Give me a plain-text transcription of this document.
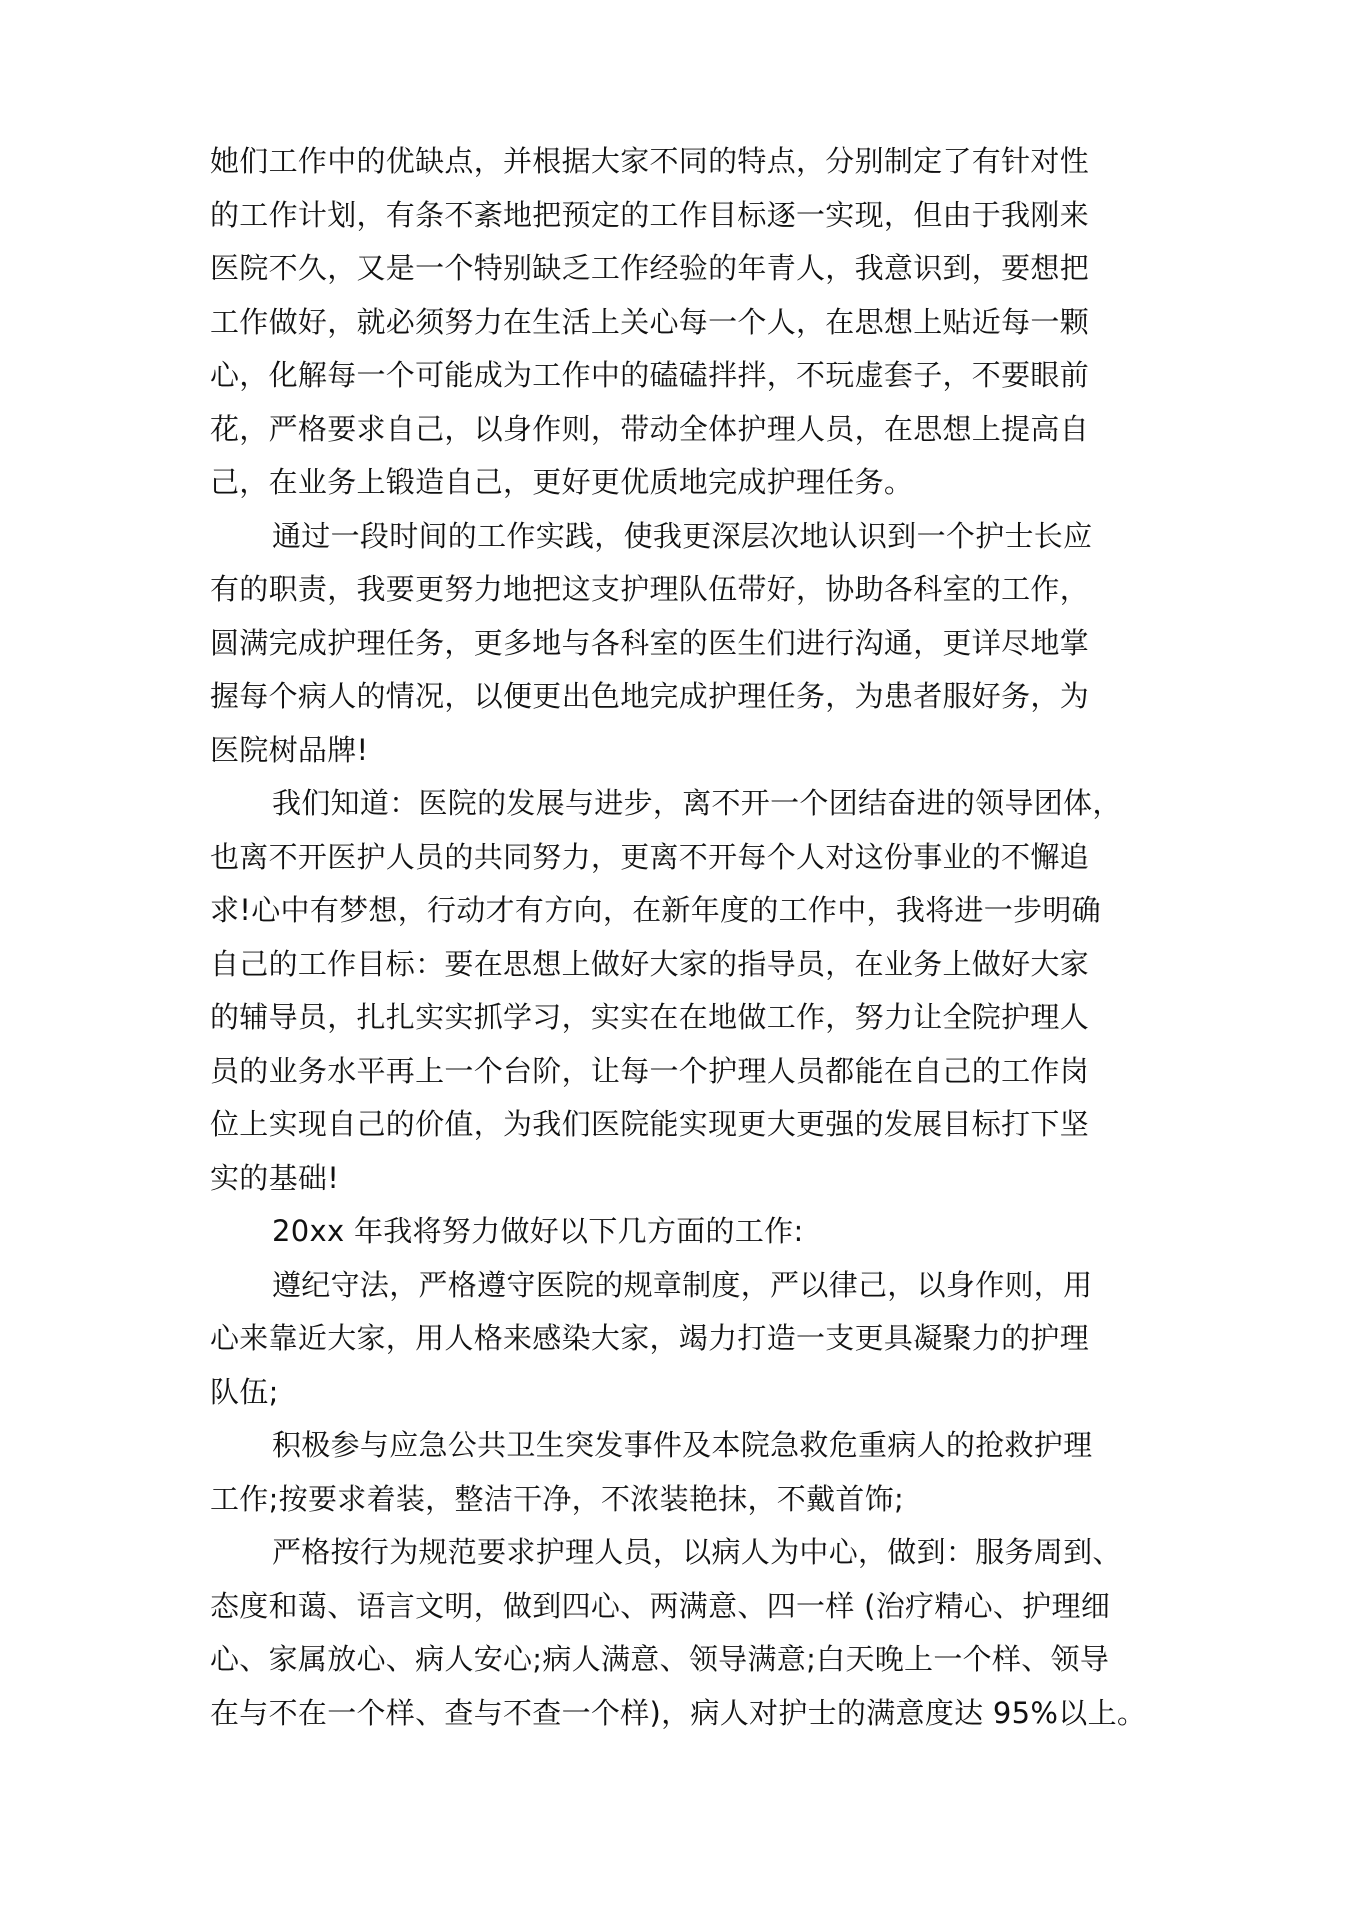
她们工作中的优缺点，并根据大家不同的特点，分别制定了有针对性
的工作计划，有条不紊地把预定的工作目标逐一实现，但由于我刚来
医院不久，又是一个特别缺乏工作经验的年青人，我意识到，要想把
工作做好，就必须努力在生活上关心每一个人，在思想上贴近每一颗
心，化解每一个可能成为工作中的磕磕拌拌，不玩虚套子，不要眼前
花，严格要求自己，以身作则，带动全体护理人员，在思想上提高自
己，在业务上锻造自己，更好更优质地完成护理任务。
通过一段时间的工作实践，使我更深层次地认识到一个护士长应
有的职责，我要更努力地把这支护理队伍带好，协助各科室的工作，
圆满完成护理任务，更多地与各科室的医生们进行沟通，更详尽地掌
握每个病人的情况，以便更出色地完成护理任务，为患者服好务，为
医院树品牌!
我们知道：医院的发展与进步，离不开一个团结奋进的领导团体，
也离不开医护人员的共同努力，更离不开每个人对这份事业的不懈追
求!心中有梦想，行动才有方向，在新年度的工作中，我将进一步明确
自己的工作目标：要在思想上做好大家的指导员，在业务上做好大家
的辅导员，扎扎实实抓学习，实实在在地做工作，努力让全院护理人
员的业务水平再上一个台阶，让每一个护理人员都能在自己的工作岗
位上实现自己的价值，为我们医院能实现更大更强的发展目标打下坚
实的基础!
20xx 年我将努力做好以下几方面的工作:
遵纪守法，严格遵守医院的规章制度，严以律己，以身作则，用
心来靠近大家，用人格来感染大家，竭力打造一支更具凝聚力的护理
队伍;
积极参与应急公共卫生突发事件及本院急救危重病人的抢救护理
工作;按要求着装，整洁干净，不浓装艳抹，不戴首饰;
严格按行为规范要求护理人员，以病人为中心，做到：服务周到、
态度和蔼、语言文明，做到四心、两满意、四一样 (治疗精心、护理细
心、家属放心、病人安心;病人满意、领导满意;白天晚上一个样、领导
在与不在一个样、查与不查一个样)，病人对护士的满意度达 95%以上。
